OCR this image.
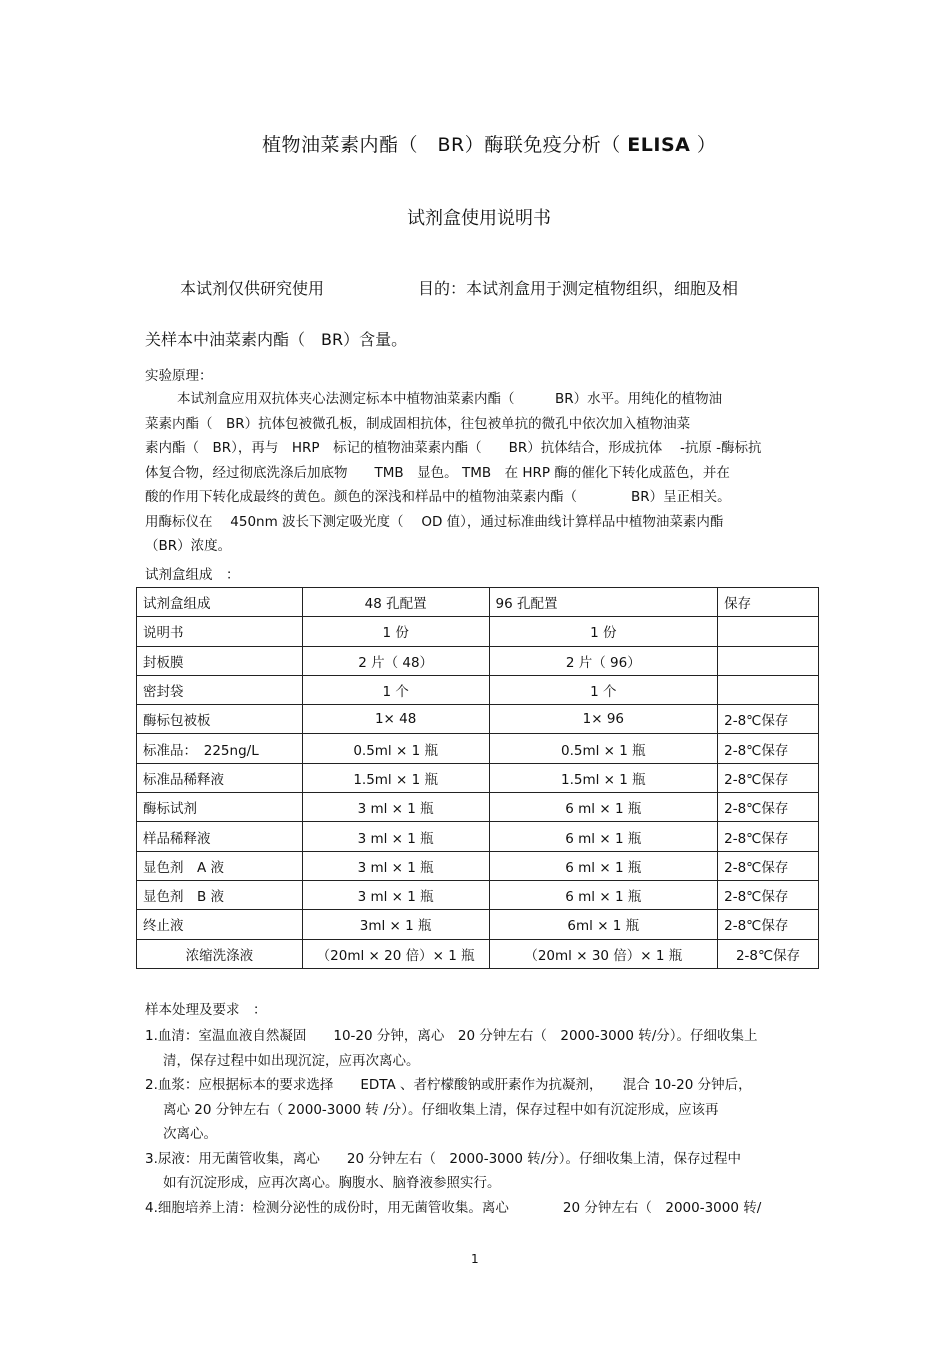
植物油菜素内酯（　BR）酶联免疫分析（ ELISA ）
试剂盒使用说明书
本试剂仅供研究使用	目的：本试剂盒用于测定植物组织，细胞及相
关样本中油菜素内酯（　BR）含量。
实验原理：
本试剂盒应用双抗体夹心法测定标本中植物油菜素内酯（　　　BR）水平。用纯化的植物油
菜素内酯（　BR）抗体包被微孔板，制成固相抗体，往包被单抗的微孔中依次加入植物油菜
素内酯（　BR），再与　HRP　标记的植物油菜素内酯（　　BR）抗体结合，形成抗体　 -抗原 -酶标抗
体复合物，经过彻底洗涤后加底物　　TMB　显色。 TMB　在 HRP 酶的催化下转化成蓝色，并在
酸的作用下转化成最终的黄色。颜色的深浅和样品中的植物油菜素内酯（　　　　BR）呈正相关。
用酶标仪在　 450nm 波长下测定吸光度（　 OD 值），通过标准曲线计算样品中植物油菜素内酯
（BR）浓度。
试剂盒组成　：
试剂盒组成	48 孔配置	96 孔配置	保存
说明书	1 份	1 份	
封板膜	2 片（ 48）	2 片（ 96）	
密封袋	1 个	1 个	
酶标包被板	1× 48	1× 96	2-8℃保存
标准品：　225ng/L	0.5ml × 1 瓶	0.5ml × 1 瓶	2-8℃保存
标准品稀释液	1.5ml × 1 瓶	1.5ml × 1 瓶	2-8℃保存
酶标试剂	3 ml × 1 瓶	6 ml × 1 瓶	2-8℃保存
样品稀释液	3 ml × 1 瓶	6 ml × 1 瓶	2-8℃保存
显色剂　A 液	3 ml × 1 瓶	6 ml × 1 瓶	2-8℃保存
显色剂　B 液	3 ml × 1 瓶	6 ml × 1 瓶	2-8℃保存
终止液	3ml × 1 瓶	6ml × 1 瓶	2-8℃保存
浓缩洗涤液	（20ml × 20 倍）× 1 瓶	（20ml × 30 倍）× 1 瓶	2-8℃保存
样本处理及要求　：
1.血清：室温血液自然凝固　　10-20 分钟，离心　20 分钟左右（　2000-3000 转/分）。仔细收集上
清，保存过程中如出现沉淀，应再次离心。
2.血浆：应根据标本的要求选择　　EDTA 、者柠檬酸钠或肝素作为抗凝剂，　　混合 10-20 分钟后，
离心 20 分钟左右（ 2000-3000 转 /分）。仔细收集上清，保存过程中如有沉淀形成，应该再
次离心。
3.尿液：用无菌管收集，离心　　20 分钟左右（　2000-3000 转/分）。仔细收集上清，保存过程中
如有沉淀形成，应再次离心。胸腹水、脑脊液参照实行。
4.细胞培养上清：检测分泌性的成份时，用无菌管收集。离心　　　　20 分钟左右（　2000-3000 转/
1
